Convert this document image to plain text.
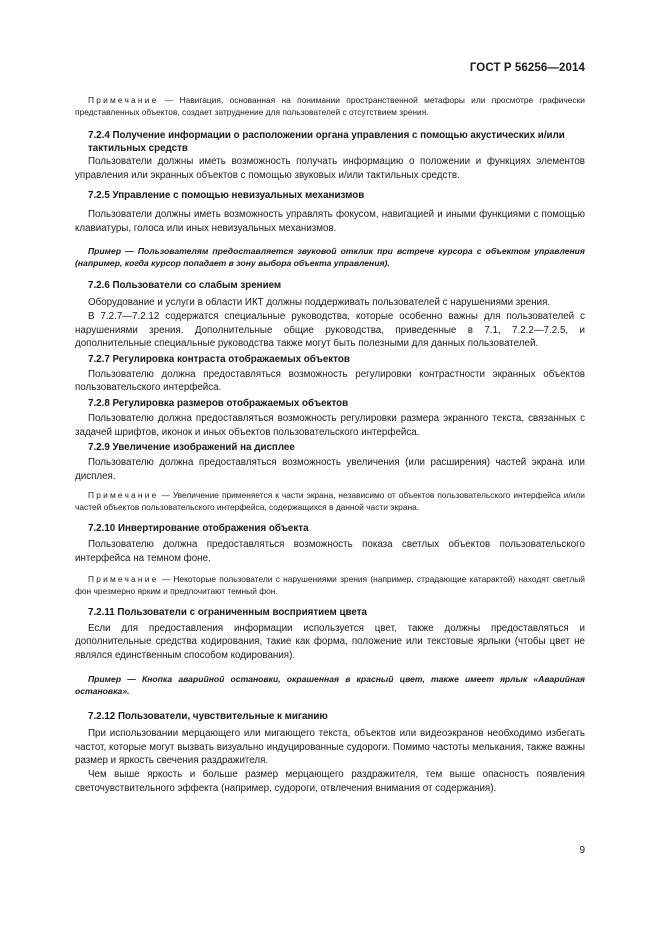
ГОСТ Р 56256—2014

Примечание — Навигация, основанная на понимании пространственной метафоры или просмотре графически представленных объектов, создает затруднение для пользователей с отсутствием зрения.

7.2.4 Получение информации о расположении органа управления с помощью акустических и/или тактильных средств

Пользователи должны иметь возможность получать информацию о положении и функциях элементов управления или экранных объектов с помощью звуковых и/или тактильных средств.

7.2.5 Управление с помощью невизуальных механизмов

Пользователи должны иметь возможность управлять фокусом, навигацией и иными функциями с помощью клавиатуры, голоса или иных невизуальных механизмов.

Пример — Пользователям предоставляется звуковой отклик при встрече курсора с объектом управления (например, когда курсор попадает в зону выбора объекта управления).

7.2.6 Пользователи со слабым зрением

Оборудование и услуги в области ИКТ должны поддерживать пользователей с нарушениями зрения.

В 7.2.7—7.2.12 содержатся специальные руководства, которые особенно важны для пользователей с нарушениями зрения. Дополнительные общие руководства, приведенные в 7.1, 7.2.2—7.2.5, и дополнительные специальные руководства также могут быть полезными для данных пользователей.

7.2.7 Регулировка контраста отображаемых объектов

Пользователю должна предоставляться возможность регулировки контрастности экранных объектов пользовательского интерфейса.

7.2.8 Регулировка размеров отображаемых объектов

Пользователю должна предоставляться возможность регулировки размера экранного текста, связанных с задачей шрифтов, иконок и иных объектов пользовательского интерфейса.

7.2.9 Увеличение изображений на дисплее

Пользователю должна предоставляться возможность увеличения (или расширения) частей экрана или дисплея.

Примечание — Увеличение применяется к части экрана, независимо от объектов пользовательского интерфейса и/или частей объектов пользовательского интерфейса, содержащихся в данной части экрана.

7.2.10 Инвертирование отображения объекта

Пользователю должна предоставляться возможность показа светлых объектов пользовательского интерфейса на темном фоне.

Примечание — Некоторые пользователи с нарушениями зрения (например, страдающие катарактой) находят светлый фон чрезмерно ярким и предпочитают темный фон.

7.2.11 Пользователи с ограниченным восприятием цвета

Если для предоставления информации используется цвет, также должны предоставляться и дополнительные средства кодирования, такие как форма, положение или текстовые ярлыки (чтобы цвет не являлся единственным способом кодирования).

Пример — Кнопка аварийной остановки, окрашенная в красный цвет, также имеет ярлык «Аварийная остановка».

7.2.12 Пользователи, чувствительные к миганию

При использовании мерцающего или мигающего текста, объектов или видеоэкранов необходимо избегать частот, которые могут вызвать визуально индуцированные судороги. Помимо частоты мелькания, также важны размер и яркость свечения раздражителя.

Чем выше яркость и больше размер мерцающего раздражителя, тем выше опасность появления светочувствительного эффекта (например, судороги, отвлечения внимания от содержания).

9
